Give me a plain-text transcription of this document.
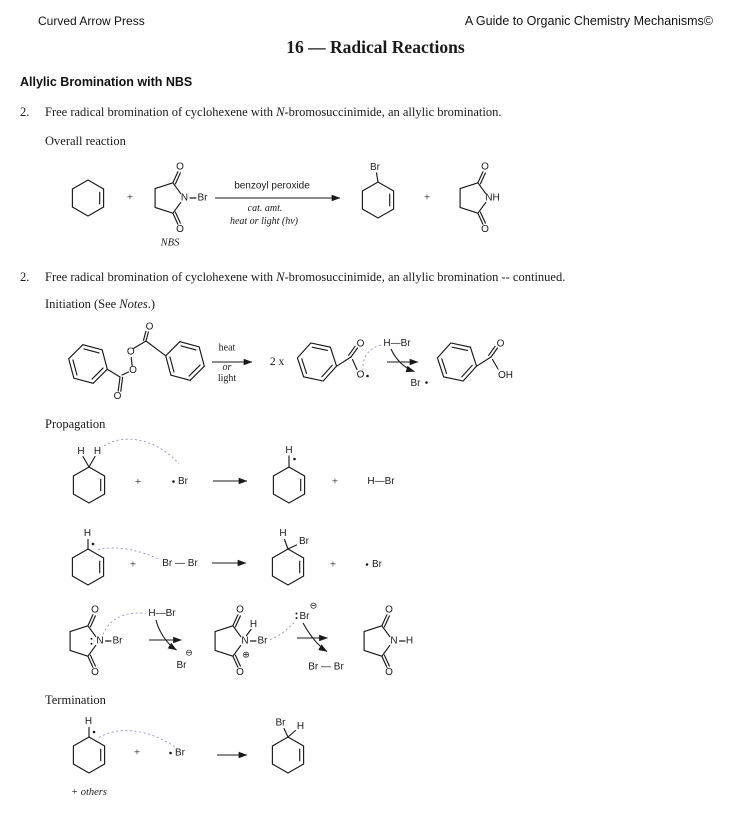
Curved Arrow Press	A Guide to Organic Chemistry Mechanisms©
16 — Radical Reactions
Allylic Bromination with NBS
2. Free radical bromination of cyclohexene with N-bromosuccinimide, an allylic bromination.
Overall reaction
2. Free radical bromination of cyclohexene with N-bromosuccinimide, an allylic bromination -- continued.
Initiation (See Notes.)
Propagation
Termination
+ others
+
O
O
N Br
NBS
benzoyl peroxide
cat. amt.
heat or light (hν)
Br
+
O
O
NH
O
O
O
O
heat
or
light
2 x
O
O
H—Br
Br
O
OH
H H
+	Br
H
+	H—Br
H
+	Br — Br
H
Br
+	Br
O
O
N Br
H—Br
⊖
Br
O
O
N
H
Br
⊕
Br
⊖
Br — Br
O
O
N H
H
+	Br
Br H
